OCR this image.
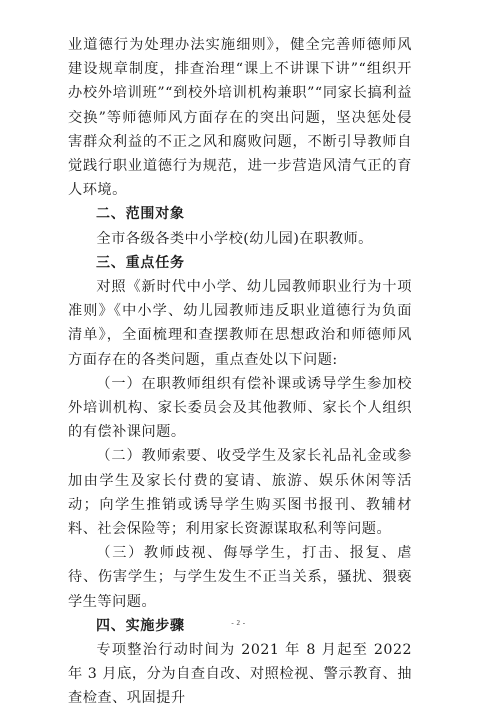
业道德行为处理办法实施细则》，健全完善师德师风建设规章制度，排查治理“课上不讲课下讲”“组织开办校外培训班”“到校外培训机构兼职”“同家长搞利益交换”等师德师风方面存在的突出问题，坚决惩处侵害群众利益的不正之风和腐败问题，不断引导教师自觉践行职业道德行为规范，进一步营造风清气正的育人环境。

二、范围对象

全市各级各类中小学校(幼儿园)在职教师。

三、重点任务

对照《新时代中小学、幼儿园教师职业行为十项准则》《中小学、幼儿园教师违反职业道德行为负面清单》，全面梳理和查摆教师在思想政治和师德师风方面存在的各类问题，重点查处以下问题:

（一）在职教师组织有偿补课或诱导学生参加校外培训机构、家长委员会及其他教师、家长个人组织的有偿补课问题。

（二）教师索要、收受学生及家长礼品礼金或参加由学生及家长付费的宴请、旅游、娱乐休闲等活动；向学生推销或诱导学生购买图书报刊、教辅材料、社会保险等；利用家长资源谋取私利等问题。

（三）教师歧视、侮辱学生，打击、报复、虐待、伤害学生；与学生发生不正当关系，骚扰、猥亵学生等问题。

四、实施步骤

专项整治行动时间为 2021 年 8 月起至 2022 年 3 月底，分为自查自改、对照检视、警示教育、抽查检查、巩固提升

- 2 -
